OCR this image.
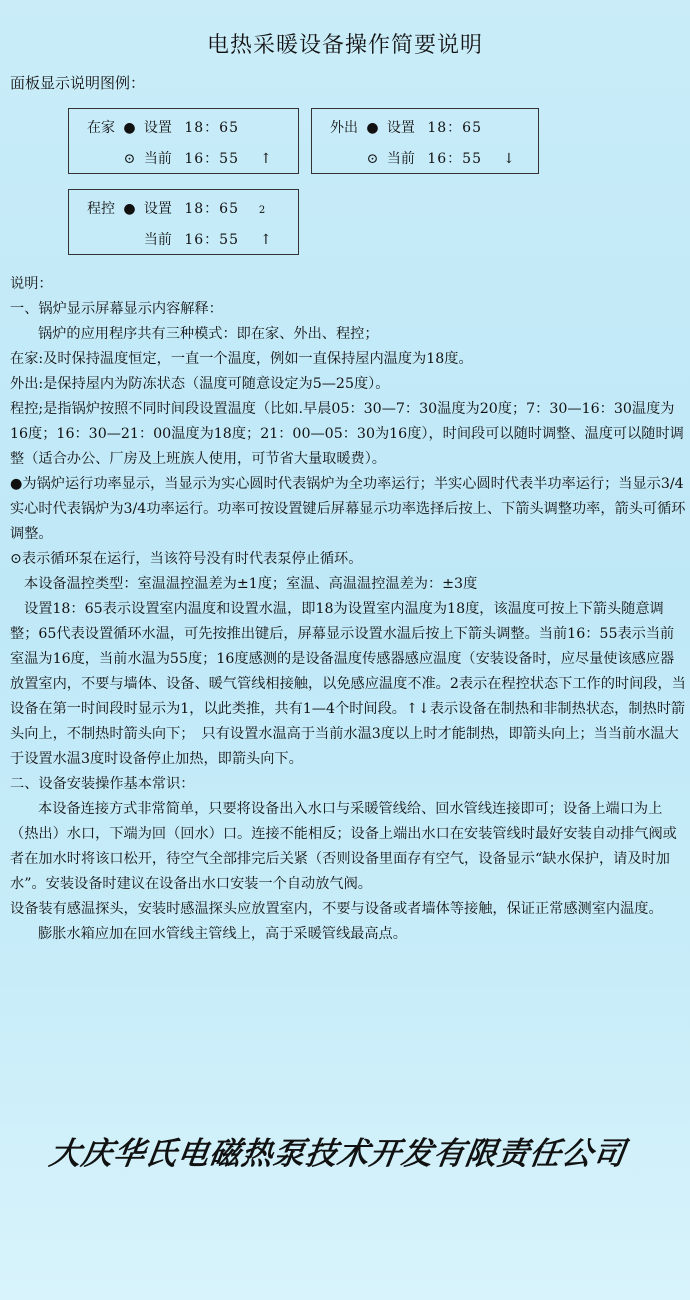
电热采暖设备操作简要说明
面板显示说明图例：
在家 ● 设置 18：65
⊙ 当前 16：55 ↑
外出 ● 设置 18：65
⊙ 当前 16：55 ↓
程控 ● 设置 18：65 2
当前 16：55 ↑

说明：

一、锅炉显示屏幕显示内容解释：

锅炉的应用程序共有三种模式：即在家、外出、程控；

在家:及时保持温度恒定，一直一个温度，例如一直保持屋内温度为18度。

外出:是保持屋内为防冻状态（温度可随意设定为5—25度）。

程控;是指锅炉按照不同时间段设置温度（比如.早晨05：30—7：30温度为20度；7：30—16：30温度为16度；16：30—21：00温度为18度；21：00—05：30为16度），时间段可以随时调整、温度可以随时调整（适合办公、厂房及上班族人使用，可节省大量取暖费）。

●为锅炉运行功率显示，当显示为实心圆时代表锅炉为全功率运行；半实心圆时代表半功率运行；当显示3/4实心时代表锅炉为3/4功率运行。功率可按设置键后屏幕显示功率选择后按上、下箭头调整功率，箭头可循环调整。

⊙表示循环泵在运行，当该符号没有时代表泵停止循环。

本设备温控类型：室温温控温差为±1度；室温、高温温控温差为：±3度

设置18：65表示设置室内温度和设置水温，即18为设置室内温度为18度，该温度可按上下箭头随意调整；65代表设置循环水温，可先按推出键后，屏幕显示设置水温后按上下箭头调整。当前16：55表示当前室温为16度，当前水温为55度；16度感测的是设备温度传感器感应温度（安装设备时，应尽量使该感应器放置室内，不要与墙体、设备、暖气管线相接触，以免感应温度不准。2表示在程控状态下工作的时间段，当设备在第一时间段时显示为1，以此类推，共有1—4个时间段。↑↓表示设备在制热和非制热状态，制热时箭头向上，不制热时箭头向下；　只有设置水温高于当前水温3度以上时才能制热，即箭头向上；当当前水温大于设置水温3度时设备停止加热，即箭头向下。

二、设备安装操作基本常识：

本设备连接方式非常简单，只要将设备出入水口与采暖管线给、回水管线连接即可；设备上端口为上（热出）水口，下端为回（回水）口。连接不能相反；设备上端出水口在安装管线时最好安装自动排气阀或者在加水时将该口松开，待空气全部排完后关紧（否则设备里面存有空气，设备显示“缺水保护，请及时加水”。安装设备时建议在设备出水口安装一个自动放气阀。

设备装有感温探头，安装时感温探头应放置室内，不要与设备或者墙体等接触，保证正常感测室内温度。

膨胀水箱应加在回水管线主管线上，高于采暖管线最高点。

大庆华氏电磁热泵技术开发有限责任公司
